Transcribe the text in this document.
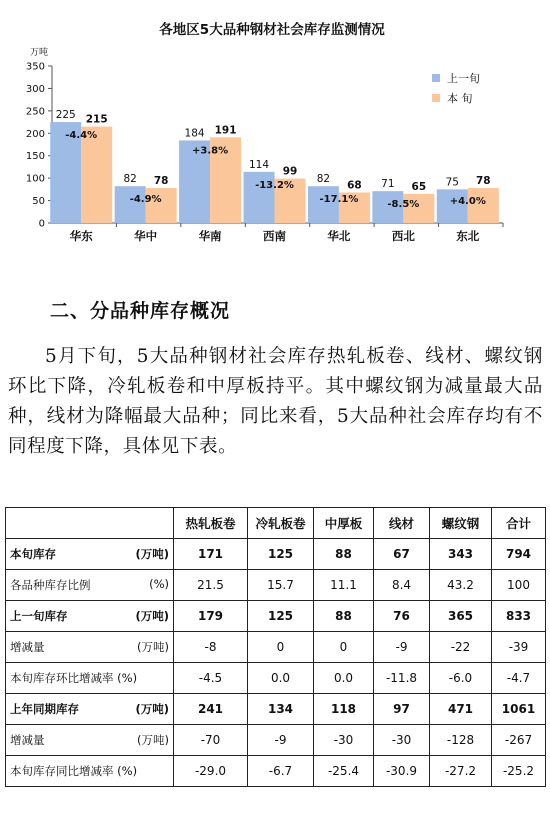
各地区5大品种钢材社会库存监测情况
万吨
0
50
100
150
200
250
300
350
225 215
-4.4%
华东
82 78
-4.9%
华中
184 191
+3.8%
华南
114
99
-13.2%
西南
82
68
-17.1%
华北
71 65
-8.5%
西北
75 78
+4.0%
东北
上一旬
本 旬
二、分品种库存概况

5月下旬，5大品种钢材社会库存热轧板卷、线材、螺纹钢环比下降，冷轧板卷和中厚板持平。其中螺纹钢为减量最大品种，线材为降幅最大品种；同比来看，5大品种社会库存均有不同程度下降，具体见下表。

	热轧板卷	冷轧板卷	中厚板	线材	螺纹钢	合计
本旬库存 (万吨)	171	125	88	67	343	794
各品种库存比例 (%)	21.5	15.7	11.1	8.4	43.2	100
上一旬库存 (万吨)	179	125	88	76	365	833
增减量 (万吨)	-8	0	0	-9	-22	-39
本旬库存环比增减率 (%)	-4.5	0.0	0.0	-11.8	-6.0	-4.7
上年同期库存 (万吨)	241	134	118	97	471	1061
增减量 (万吨)	-70	-9	-30	-30	-128	-267
本旬库存同比增减率 (%)	-29.0	-6.7	-25.4	-30.9	-27.2	-25.2
